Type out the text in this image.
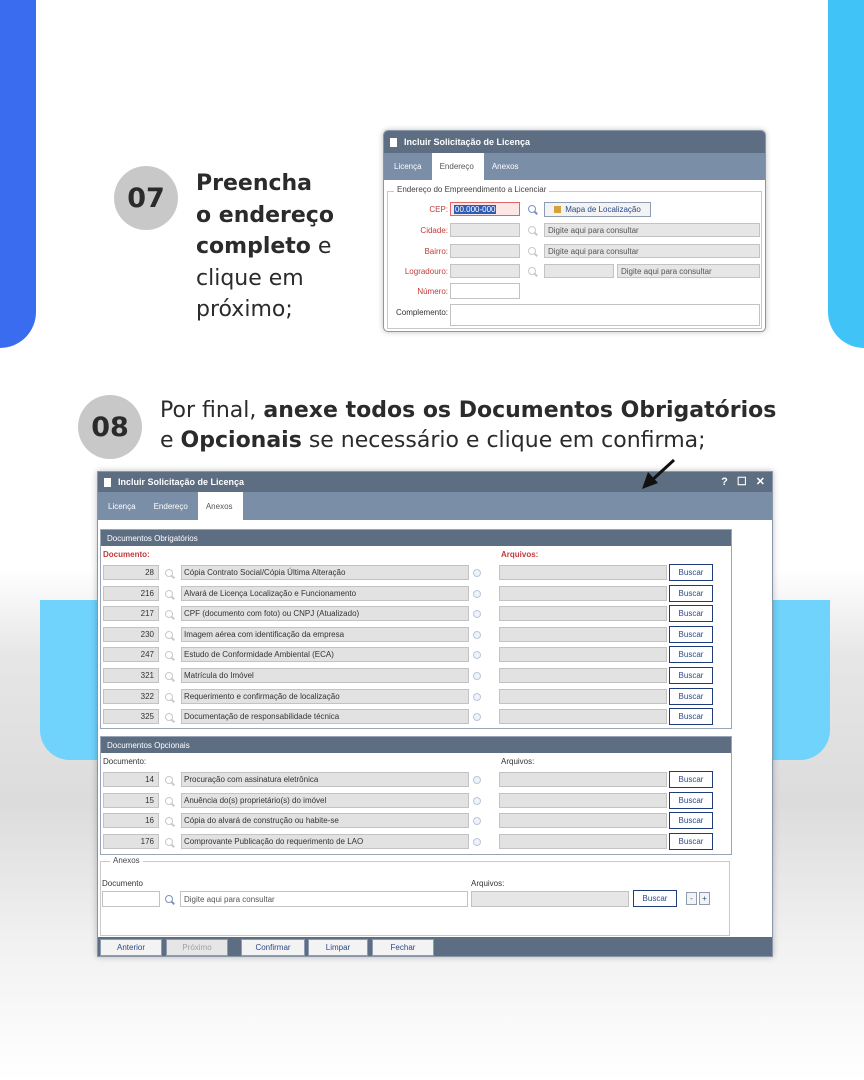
07 Preencha
o endereço
completo e
clique em
próximo;
Incluir Solicitação de Licença
Licença	Endereço	Anexos
Endereço do Empreendimento a Licenciar
CEP: 00.000-000	Mapa de Localização
Cidade:	Digite aqui para consultar
Bairro:	Digite aqui para consultar
Logradouro:	Digite aqui para consultar
Número:
Complemento:
08
Por final, anexe todos os Documentos Obrigatórios
e Opcionais se necessário e clique em confirma;
Incluir Solicitação de Licença	? ☐ ✕
Licença	Endereço	Anexos
Documentos Obrigatórios
Documento:	Arquivos:
28	Cópia Contrato Social/Cópia Última Alteração	Buscar
216	Alvará de Licença Localização e Funcionamento	Buscar
217	CPF (documento com foto) ou CNPJ (Atualizado)	Buscar
230	Imagem aérea com identificação da empresa	Buscar
247	Estudo de Conformidade Ambiental (ECA)	Buscar
321	Matrícula do Imóvel	Buscar
322	Requerimento e confirmação de localização	Buscar
325	Documentação de responsabilidade técnica	Buscar
Documentos Opcionais
Documento:	Arquivos:
14	Procuração com assinatura eletrônica	Buscar
15	Anuência do(s) proprietário(s) do imóvel	Buscar
16	Cópia do alvará de construção ou habite-se	Buscar
176	Comprovante Publicação do requerimento de LAO	Buscar
Anexos
Documento
Digite aqui para consultar
Arquivos:
Buscar	-	+
Anterior	Próximo	Confirmar	Limpar	Fechar
